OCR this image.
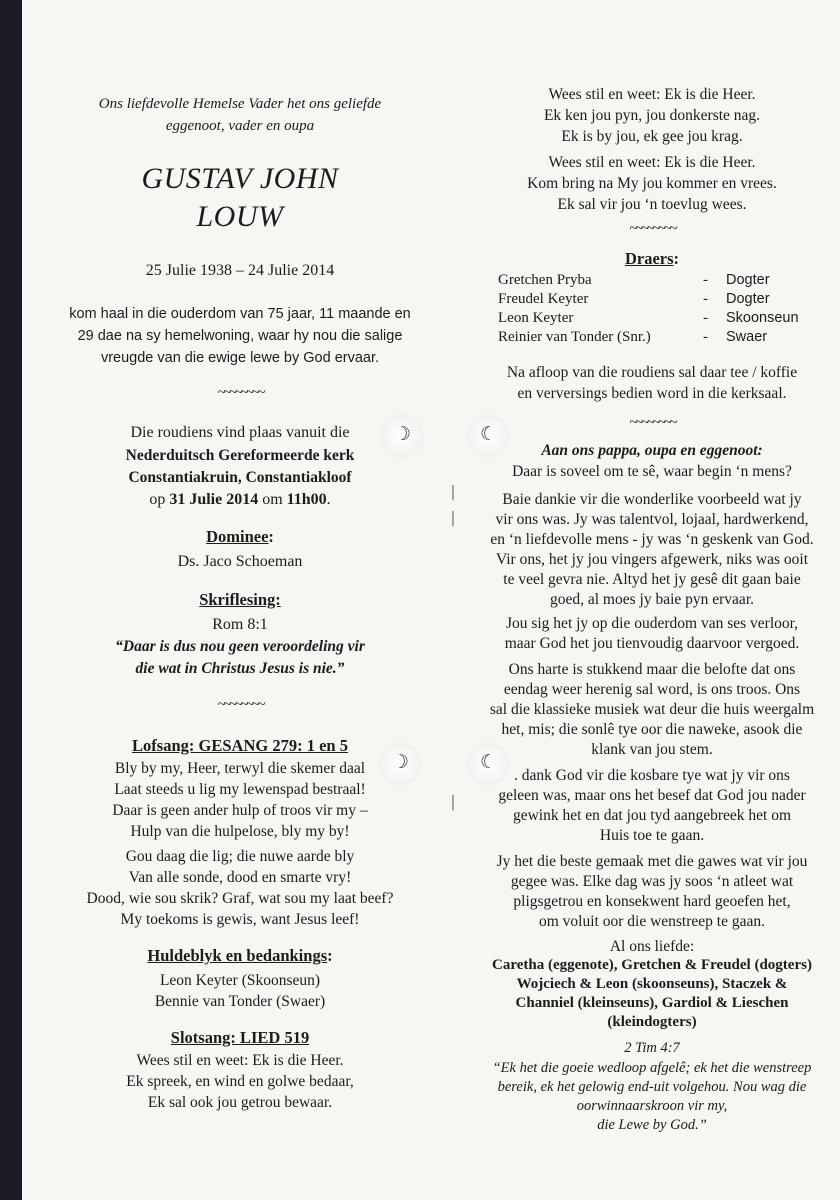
Ons liefdevolle Hemelse Vader het ons geliefde
eggenoot, vader en oupa
GUSTAV JOHN
LOUW
25 Julie 1938 – 24 Julie 2014
kom haal in die ouderdom van 75 jaar, 11 maande en
29 dae na sy hemelwoning, waar hy nou die salige
vreugde van die ewige lewe by God ervaar.
~~~~~~~~
Die roudiens vind plaas vanuit die
Nederduitsch Gereformeerde kerk
Constantiakruin, Constantiakloof
op 31 Julie 2014 om 11h00.
Dominee:
Ds. Jaco Schoeman
Skriflesing:
Rom 8:1
“Daar is dus nou geen veroordeling vir
die wat in Christus Jesus is nie.”
~~~~~~~~
Lofsang: GESANG 279: 1 en 5
Bly by my, Heer, terwyl die skemer daal
Laat steeds u lig my lewenspad bestraal!
Daar is geen ander hulp of troos vir my –
Hulp van die hulpelose, bly my by!
Gou daag die lig; die nuwe aarde bly
Van alle sonde, dood en smarte vry!
Dood, wie sou skrik? Graf, wat sou my laat beef?
My toekoms is gewis, want Jesus leef!
Huldeblyk en bedankings:
Leon Keyter (Skoonseun)
Bennie van Tonder (Swaer)
Slotsang: LIED 519
Wees stil en weet: Ek is die Heer.
Ek spreek, en wind en golwe bedaar,
Ek sal ook jou getrou bewaar.
Wees stil en weet: Ek is die Heer.
Ek ken jou pyn, jou donkerste nag.
Ek is by jou, ek gee jou krag.
Wees stil en weet: Ek is die Heer.
Kom bring na My jou kommer en vrees.
Ek sal vir jou ‘n toevlug wees.
~~~~~~~~
Draers:
Gretchen Pryba	- Dogter
Freudel Keyter	- Dogter
Leon Keyter	- Skoonseun
Reinier van Tonder (Snr.)	- Swaer
Na afloop van die roudiens sal daar tee / koffie
en verversings bedien word in die kerksaal.
~~~~~~~~
Aan ons pappa, oupa en eggenoot:
Daar is soveel om te sê, waar begin ‘n mens?
Baie dankie vir die wonderlike voorbeeld wat jy
vir ons was. Jy was talentvol, lojaal, hardwerkend,
en ‘n liefdevolle mens - jy was ‘n geskenk van God.
Vir ons, het jy jou vingers afgewerk, niks was ooit
te veel gevra nie. Altyd het jy gesê dit gaan baie
goed, al moes jy baie pyn ervaar.
Jou sig het jy op die ouderdom van ses verloor,
maar God het jou tienvoudig daarvoor vergoed.
Ons harte is stukkend maar die belofte dat ons
eendag weer herenig sal word, is ons troos. Ons
sal die klassieke musiek wat deur die huis weergalm
het, mis; die sonlê tye oor die naweke, asook die
klank van jou stem.
. dank God vir die kosbare tye wat jy vir ons
geleen was, maar ons het besef dat God jou nader
gewink het en dat jou tyd aangebreek het om
Huis toe te gaan.
Jy het die beste gemaak met die gawes wat vir jou
gegee was. Elke dag was jy soos ‘n atleet wat
pligsgetrou en konsekwent hard geoefen het,
om voluit oor die wenstreep te gaan.
Al ons liefde:
Caretha (eggenote), Gretchen & Freudel (dogters)
Wojciech & Leon (skoonseuns), Staczek &
Channiel (kleinseuns), Gardiol & Lieschen
(kleindogters)
2 Tim 4:7
“Ek het die goeie wedloop afgelê; ek het die wenstreep
bereik, ek het gelowig end-uit volgehou. Nou wag die
oorwinnaarskroon vir my,
die Lewe by God.”
☽	☾
☽	☾
│
│
│
